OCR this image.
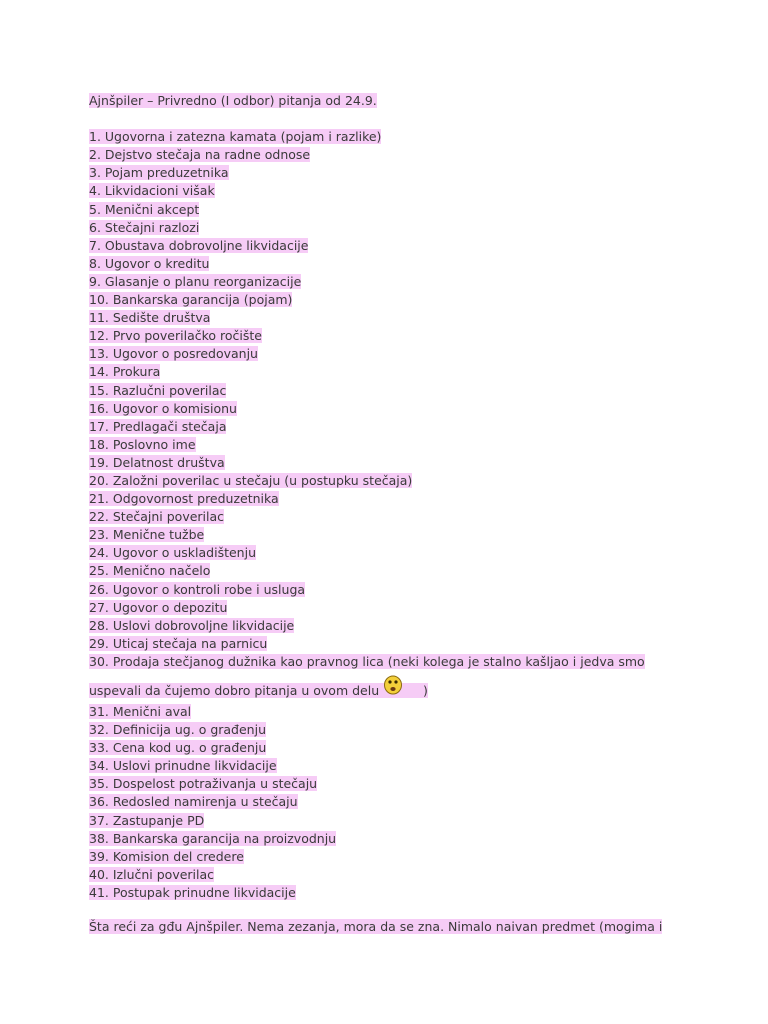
Ajnšpiler – Privredno (I odbor) pitanja od 24.9.
1. Ugovorna i zatezna kamata (pojam i razlike)
2. Dejstvo stečaja na radne odnose
3. Pojam preduzetnika
4. Likvidacioni višak
5. Menični akcept
6. Stečajni razlozi
7. Obustava dobrovoljne likvidacije
8. Ugovor o kreditu
9. Glasanje o planu reorganizacije
10. Bankarska garancija (pojam)
11. Sedište društva
12. Prvo poverilačko ročište
13. Ugovor o posredovanju
14. Prokura
15. Razlučni poverilac
16. Ugovor o komisionu
17. Predlagači stečaja
18. Poslovno ime
19. Delatnost društva
20. Založni poverilac u stečaju (u postupku stečaja)
21. Odgovornost preduzetnika
22. Stečajni poverilac
23. Menične tužbe
24. Ugovor o uskladištenju
25. Menično načelo
26. Ugovor o kontroli robe i usluga
27. Ugovor o depozitu
28. Uslovi dobrovoljne likvidacije
29. Uticaj stečaja na parnicu
30. Prodaja stečjanog dužnika kao pravnog lica (neki kolega je stalno kašljao i jedva smo
uspevali da čujemo dobro pitanja u ovom delu	)
31. Menični aval
32. Definicija ug. o građenju
33. Cena kod ug. o građenju
34. Uslovi prinudne likvidacije
35. Dospelost potraživanja u stečaju
36. Redosled namirenja u stečaju
37. Zastupanje PD
38. Bankarska garancija na proizvodnju
39. Komision del credere
40. Izlučni poverilac
41. Postupak prinudne likvidacije
Šta reći za gđu Ajnšpiler. Nema zezanja, mora da se zna. Nimalo naivan predmet (mogima i
